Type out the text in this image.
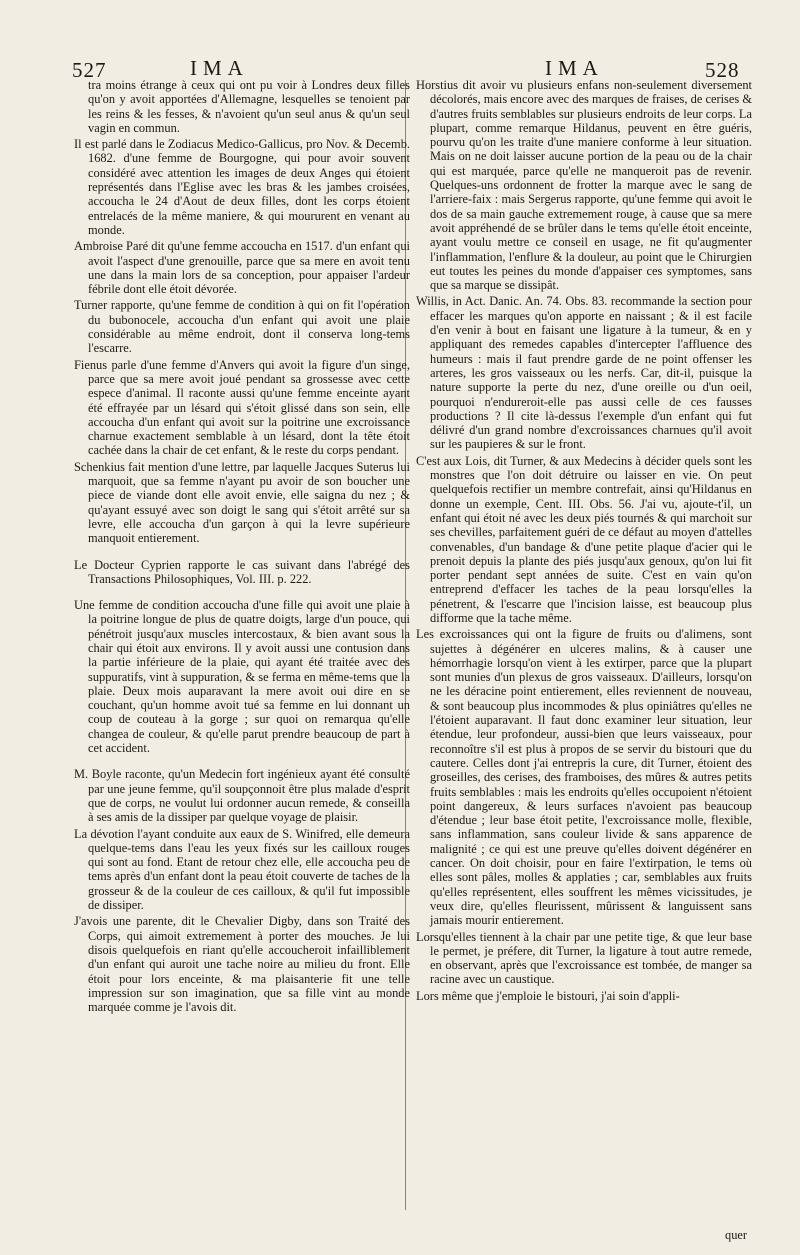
527	IMA	IMA	528

tra moins étrange à ceux qui ont pu voir à Londres deux filles qu'on y avoit apportées d'Allemagne, lesquelles se tenoient par les reins & les fesses, & n'avoient qu'un seul anus & qu'un seul vagin en commun.

Il est parlé dans le Zodiacus Medico-Gallicus, pro Nov. & Decemb. 1682. d'une femme de Bourgogne, qui pour avoir souvent considéré avec attention les images de deux Anges qui étoient représentés dans l'Eglise avec les bras & les jambes croisées, accoucha le 24 d'Aout de deux filles, dont les corps étoient entrelacés de la même maniere, & qui moururent en venant au monde.

Ambroise Paré dit qu'une femme accoucha en 1517. d'un enfant qui avoit l'aspect d'une grenouille, parce que sa mere en avoit tenu une dans la main lors de sa conception, pour appaiser l'ardeur fébrile dont elle étoit dévorée.

Turner rapporte, qu'une femme de condition à qui on fit l'opération du bubonocele, accoucha d'un enfant qui avoit une plaie considérable au même endroit, dont il conserva long-tems l'escarre.

Fienus parle d'une femme d'Anvers qui avoit la figure d'un singe, parce que sa mere avoit joué pendant sa grossesse avec cette espece d'animal. Il raconte aussi qu'une femme enceinte ayant été effrayée par un lésard qui s'étoit glissé dans son sein, elle accoucha d'un enfant qui avoit sur la poitrine une excroissance charnue exactement semblable à un lésard, dont la tête étoit cachée dans la chair de cet enfant, & le reste du corps pendant.

Schenkius fait mention d'une lettre, par laquelle Jacques Suterus lui marquoit, que sa femme n'ayant pu avoir de son boucher une piece de viande dont elle avoit envie, elle saigna du nez ; & qu'ayant essuyé avec son doigt le sang qui s'étoit arrêté sur sa levre, elle accoucha d'un garçon à qui la levre supérieure manquoit entierement.

Le Docteur Cyprien rapporte le cas suivant dans l'abrégé des Transactions Philosophiques, Vol. III. p. 222.

Une femme de condition accoucha d'une fille qui avoit une plaie à la poitrine longue de plus de quatre doigts, large d'un pouce, qui pénétroit jusqu'aux muscles intercostaux, & bien avant sous la chair qui étoit aux environs. Il y avoit aussi une contusion dans la partie inférieure de la plaie, qui ayant été traitée avec des suppuratifs, vint à suppuration, & se ferma en même-tems que la plaie. Deux mois auparavant la mere avoit oui dire en se couchant, qu'un homme avoit tué sa femme en lui donnant un coup de couteau à la gorge ; sur quoi on remarqua qu'elle changea de couleur, & qu'elle parut prendre beaucoup de part à cet accident.

M. Boyle raconte, qu'un Medecin fort ingénieux ayant été consulté par une jeune femme, qu'il soupçonnoit être plus malade d'esprit que de corps, ne voulut lui ordonner aucun remede, & conseilla à ses amis de la dissiper par quelque voyage de plaisir.

La dévotion l'ayant conduite aux eaux de S. Winifred, elle demeura quelque-tems dans l'eau les yeux fixés sur les cailloux rouges qui sont au fond. Etant de retour chez elle, elle accoucha peu de tems après d'un enfant dont la peau étoit couverte de taches de la grosseur & de la couleur de ces cailloux, & qu'il fut impossible de dissiper.

J'avois une parente, dit le Chevalier Digby, dans son Traité des Corps, qui aimoit extremement à porter des mouches. Je lui disois quelquefois en riant qu'elle accoucheroit infailliblement d'un enfant qui auroit une tache noire au milieu du front. Elle étoit pour lors enceinte, & ma plaisanterie fit une telle impression sur son imagination, que sa fille vint au monde marquée comme je l'avois dit.

Horstius dit avoir vu plusieurs enfans non-seulement diversement décolorés, mais encore avec des marques de fraises, de cerises & d'autres fruits semblables sur plusieurs endroits de leur corps. La plupart, comme remarque Hildanus, peuvent en être guéris, pourvu qu'on les traite d'une maniere conforme à leur situation. Mais on ne doit laisser aucune portion de la peau ou de la chair qui est marquée, parce qu'elle ne manqueroit pas de revenir. Quelques-uns ordonnent de frotter la marque avec le sang de l'arriere-faix : mais Sergerus rapporte, qu'une femme qui avoit le dos de sa main gauche extremement rouge, à cause que sa mere avoit appréhendé de se brûler dans le tems qu'elle étoit enceinte, ayant voulu mettre ce conseil en usage, ne fit qu'augmenter l'inflammation, l'enflure & la douleur, au point que le Chirurgien eut toutes les peines du monde d'appaiser ces symptomes, sans que sa marque se dissipât.

Willis, in Act. Danic. An. 74. Obs. 83. recommande la section pour effacer les marques qu'on apporte en naissant ; & il est facile d'en venir à bout en faisant une ligature à la tumeur, & en y appliquant des remedes capables d'intercepter l'affluence des humeurs : mais il faut prendre garde de ne point offenser les arteres, les gros vaisseaux ou les nerfs. Car, dit-il, puisque la nature supporte la perte du nez, d'une oreille ou d'un oeil, pourquoi n'endureroit-elle pas aussi celle de ces fausses productions ? Il cite là-dessus l'exemple d'un enfant qui fut délivré d'un grand nombre d'excroissances charnues qu'il avoit sur les paupieres & sur le front.

C'est aux Lois, dit Turner, & aux Medecins à décider quels sont les monstres que l'on doit détruire ou laisser en vie. On peut quelquefois rectifier un membre contrefait, ainsi qu'Hildanus en donne un exemple, Cent. III. Obs. 56. J'ai vu, ajoute-t'il, un enfant qui étoit né avec les deux piés tournés & qui marchoit sur ses chevilles, parfaitement guéri de ce défaut au moyen d'attelles convenables, d'un bandage & d'une petite plaque d'acier qui le prenoit depuis la plante des piés jusqu'aux genoux, qu'on lui fit porter pendant sept années de suite. C'est en vain qu'on entreprend d'effacer les taches de la peau lorsqu'elles la pénetrent, & l'escarre que l'incision laisse, est beaucoup plus difforme que la tache même.

Les excroissances qui ont la figure de fruits ou d'alimens, sont sujettes à dégénérer en ulceres malins, & à causer une hémorrhagie lorsqu'on vient à les extirper, parce que la plupart sont munies d'un plexus de gros vaisseaux. D'ailleurs, lorsqu'on ne les déracine point entierement, elles reviennent de nouveau, & sont beaucoup plus incommodes & plus opiniâtres qu'elles ne l'étoient auparavant. Il faut donc examiner leur situation, leur étendue, leur profondeur, aussi-bien que leurs vaisseaux, pour reconnoître s'il est plus à propos de se servir du bistouri que du cautere. Celles dont j'ai entrepris la cure, dit Turner, étoient des groseilles, des cerises, des framboises, des mûres & autres petits fruits semblables : mais les endroits qu'elles occupoient n'étoient point dangereux, & leurs surfaces n'avoient pas beaucoup d'étendue ; leur base étoit petite, l'excroissance molle, flexible, sans inflammation, sans couleur livide & sans apparence de malignité ; ce qui est une preuve qu'elles doivent dégénérer en cancer. On doit choisir, pour en faire l'extirpation, le tems où elles sont pâles, molles & applaties ; car, semblables aux fruits qu'elles représentent, elles souffrent les mêmes vicissitudes, je veux dire, qu'elles fleurissent, mûrissent & languissent sans jamais mourir entierement.

Lorsqu'elles tiennent à la chair par une petite tige, & que leur base le permet, je préfere, dit Turner, la ligature à tout autre remede, en observant, après que l'excroissance est tombée, de manger sa racine avec un caustique.

Lors même que j'emploie le bistouri, j'ai soin d'appli-

quer
